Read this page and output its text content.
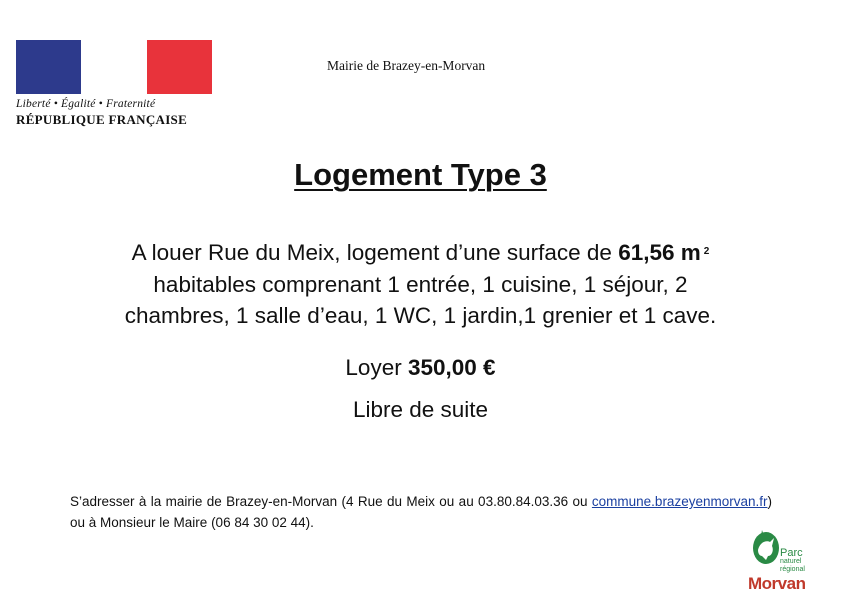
Liberté • Égalité • Fraternité
RÉPUBLIQUE FRANÇAISE
Mairie de Brazey-en-Morvan
Logement Type 3
A louer Rue du Meix, logement d’une surface de 61,56 m $^2$
habitables comprenant 1 entrée, 1 cuisine, 1 séjour, 2
chambres, 1 salle d’eau, 1 WC, 1 jardin,1 grenier et 1 cave.
Loyer 350,00 €
Libre de suite
S’adresser à la mairie de Brazey-en-Morvan (4 Rue du Meix ou au 03.80.84.03.36 ou commune.brazeyenmorvan.fr) ou à Monsieur le Maire (06 84 30 02 44).
Parc
naturel
régional
Morvan
